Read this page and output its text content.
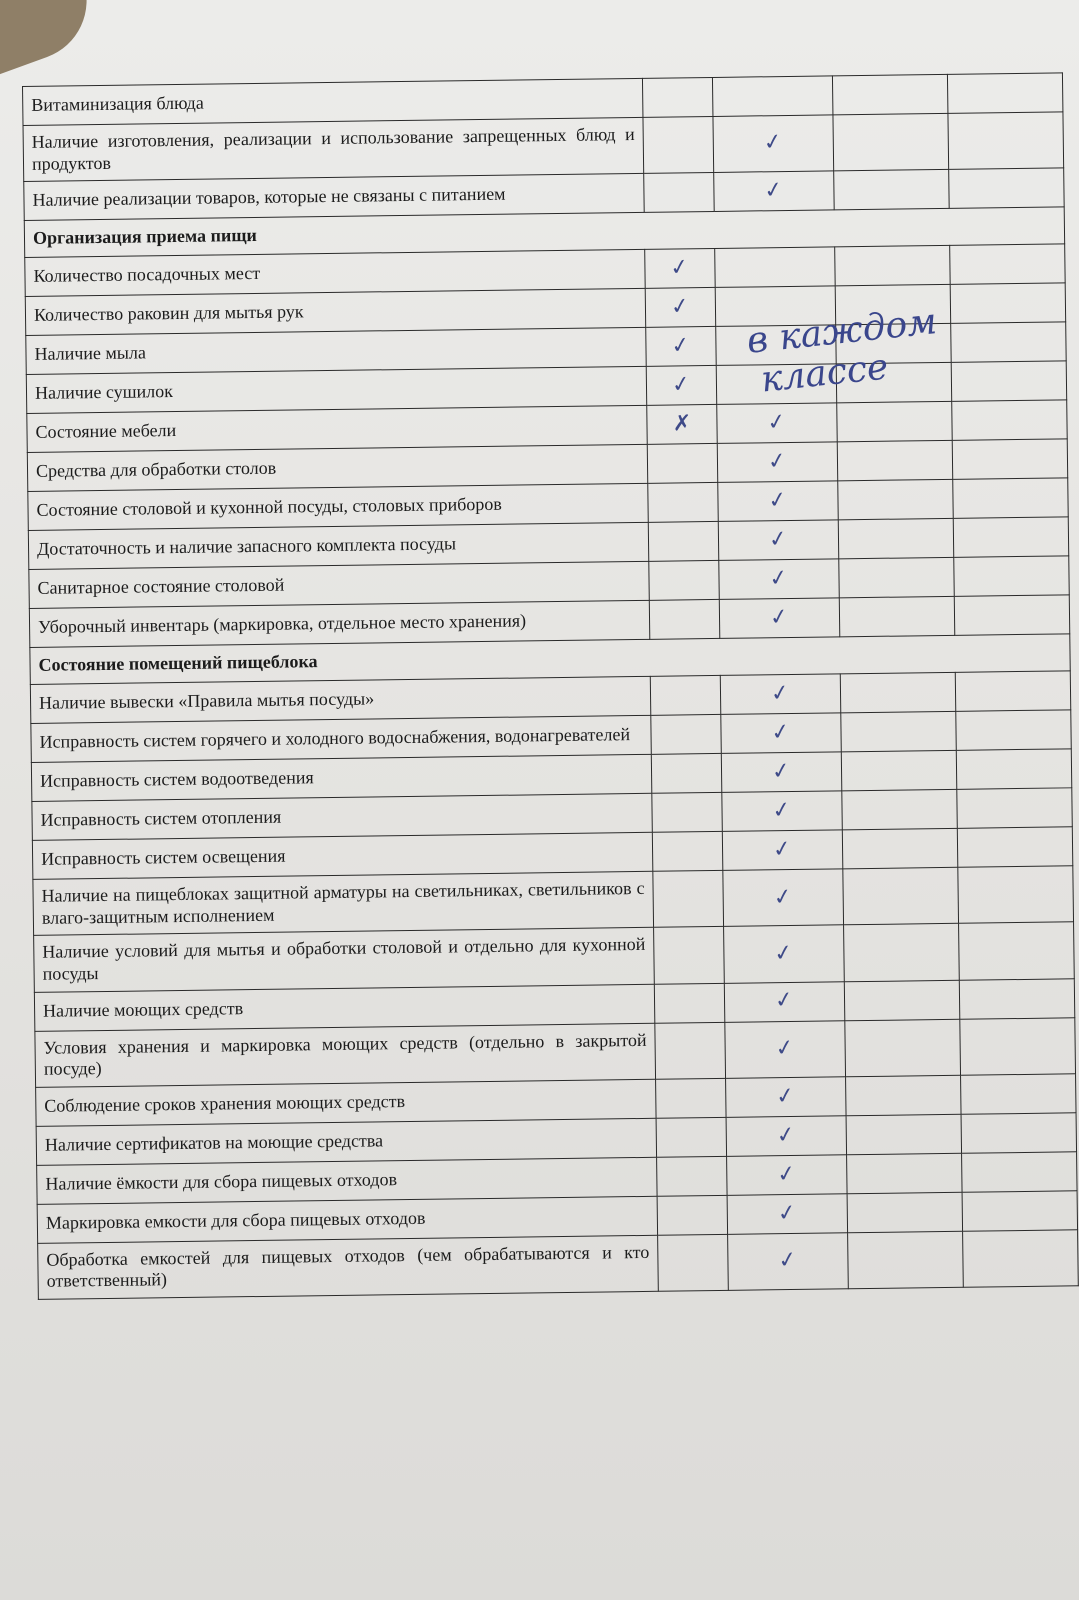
Витаминизация блюда				
Наличие изготовления, реализации и использование запрещенных блюд и продуктов		✓		
Наличие реализации товаров, которые не связаны с питанием		✓		
Организация приема пищи				
Количество посадочных мест	✓			
Количество раковин для мытья рук	✓			
Наличие мыла	✓			
Наличие сушилок	✓			
Состояние мебели	✗	✓		
Средства для обработки столов		✓		
Состояние столовой и кухонной посуды, столовых приборов		✓		
Достаточность и наличие запасного комплекта посуды		✓		
Санитарное состояние столовой		✓		
Уборочный инвентарь (маркировка, отдельное место хранения)		✓		
Состояние помещений пищеблока				
Наличие вывески «Правила мытья посуды»		✓		
Исправность систем горячего и холодного водоснабжения, водонагревателей		✓		
Исправность систем водоотведения		✓		
Исправность систем отопления		✓		
Исправность систем освещения		✓		
Наличие на пищеблоках защитной арматуры на светильниках, светильников с влаго-защитным исполнением		✓		
Наличие условий для мытья и обработки столовой и отдельно для кухонной посуды		✓		
Наличие моющих средств		✓		
Условия хранения и маркировка моющих средств (отдельно в закрытой посуде)		✓		
Соблюдение сроков хранения моющих средств		✓		
Наличие сертификатов на моющие средства		✓		
Наличие ёмкости для сбора пищевых отходов		✓		
Маркировка емкости для сбора пищевых отходов		✓		
Обработка емкостей для пищевых отходов (чем обрабатываются и кто ответственный)		✓		
в каждом
классе
